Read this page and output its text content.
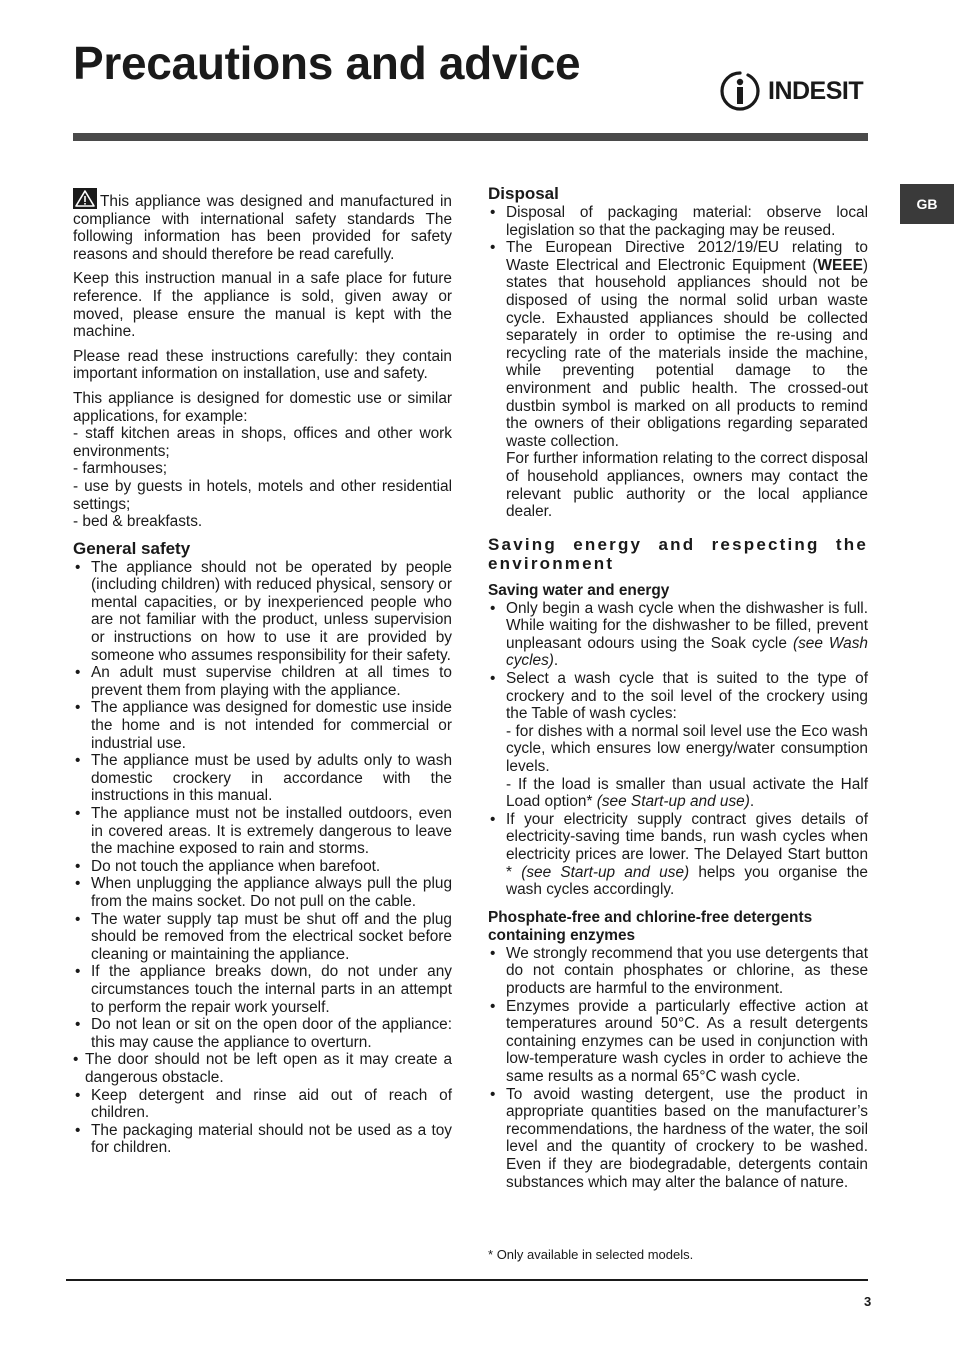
Precautions and advice
INDESIT
GB

This appliance was designed and manufactured in compliance with international safety standards The following information has been provided for safety reasons and should therefore be read carefully.

Keep this instruction manual in a safe place for future reference. If the appliance is sold, given away or moved, please ensure the manual is kept with the machine.

Please read these instructions carefully: they contain important information on installation, use and safety.

This appliance is designed for domestic use or similar applications, for example:
- staff kitchen areas in shops, offices and other work environments;
- farmhouses;
- use by guests in hotels, motels and other residential settings;
- bed & breakfasts.

General safety
• The appliance should not be operated by people (including children) with reduced physical, sensory or mental capacities, or by inexperienced people who are not familiar with the product, unless supervision or instructions on how to use it are provided by someone who assumes responsibility for their safety.
• An adult must supervise children at all times to prevent them from playing with the appliance.
• The appliance was designed for domestic use inside the home and is not intended for commercial or industrial use.
• The appliance must be used by adults only to wash domestic crockery in accordance with the instructions in this manual.
• The appliance must not be installed outdoors, even in covered areas. It is extremely dangerous to leave the machine exposed to rain and storms.
• Do not touch the appliance when barefoot.
• When unplugging the appliance always pull the plug from the mains socket. Do not pull on the cable.
• The water supply tap must be shut off and the plug should be removed from the electrical socket before cleaning or maintaining the appliance.
• If the appliance breaks down, do not under any circumstances touch the internal parts in an attempt to perform the repair work yourself.
• Do not lean or sit on the open door of the appliance: this may cause the appliance to overturn.
• The door should not be left open as it may create a dangerous obstacle.
• Keep detergent and rinse aid out of reach of children.
• The packaging material should not be used as a toy for children.
Disposal
• Disposal of packaging material: observe local legislation so that the packaging may be reused.
• The European Directive 2012/19/EU relating to Waste Electrical and Electronic Equipment (WEEE) states that household appliances should not be disposed of using the normal solid urban waste cycle. Exhausted appliances should be collected separately in order to optimise the re-using and recycling rate of the materials inside the machine, while preventing potential damage to the environment and public health. The crossed-out dustbin symbol is marked on all products to remind the owners of their obligations regarding separated waste collection.
For further information relating to the correct disposal of household appliances, owners may contact the relevant public authority or the local appliance dealer.
Saving energy and respecting the environment
Saving water and energy
• Only begin a wash cycle when the dishwasher is full. While waiting for the dishwasher to be filled, prevent unpleasant odours using the Soak cycle (see Wash cycles).
• Select a wash cycle that is suited to the type of crockery and to the soil level of the crockery using the Table of wash cycles:
- for dishes with a normal soil level use the Eco wash cycle, which ensures low energy/water consumption levels.
- If the load is smaller than usual activate the Half Load option* (see Start-up and use).
• If your electricity supply contract gives details of electricity-saving time bands, run wash cycles when electricity prices are lower. The Delayed Start button * (see Start-up and use) helps you organise the wash cycles accordingly.
Phosphate-free and chlorine-free detergents containing enzymes
• We strongly recommend that you use detergents that do not contain phosphates or chlorine, as these products are harmful to the environment.
• Enzymes provide a particularly effective action at temperatures around 50°C. As a result detergents containing enzymes can be used in conjunction with low-temperature wash cycles in order to achieve the same results as a normal 65°C wash cycle.
• To avoid wasting detergent, use the product in appropriate quantities based on the manufacturer’s recommendations, the hardness of the water, the soil level and the quantity of crockery to be washed. Even if they are biodegradable, detergents contain substances which may alter the balance of nature.
* Only available in selected models.
3
